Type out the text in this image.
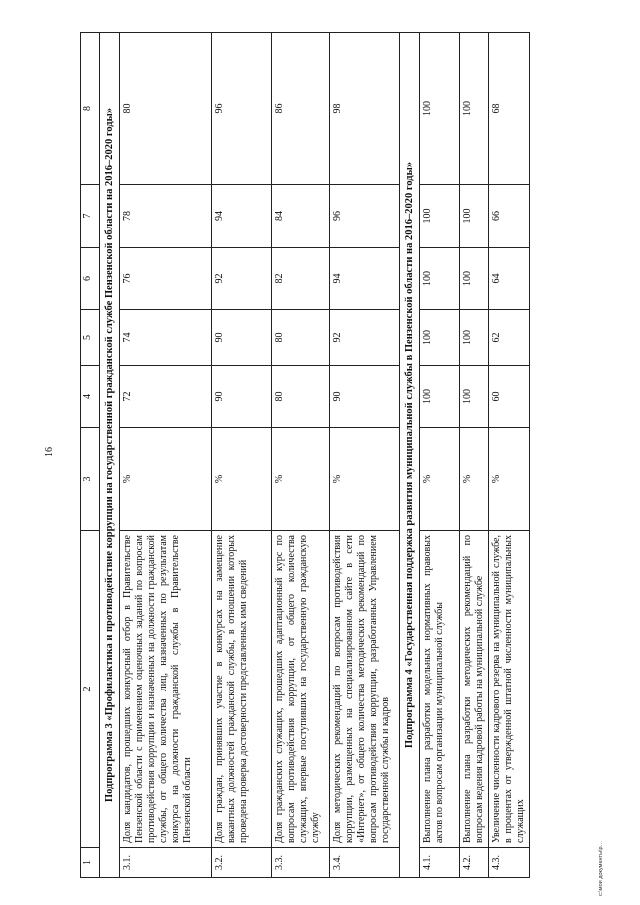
16
1	2	3	4	5	6	7	8
Подпрограмма 3 «Профилактика и противодействие коррупции на государственной гражданской службе Пензенской области на 2016–2020 годы»							
3.1.	Доля кандидатов, прошедших конкурсный отбор в Правительстве Пензенской области с применением оценочных заданий по вопросам противодействия коррупции и назначенных на должности гражданской службы, от общего количества лиц, назначенных по результатам конкурса на должности гражданской службы в Правительстве Пензенской области	%	72	74	76	78	80
3.2.	Доля граждан, принявших участие в конкурсах на замещение вакантных должностей гражданской службы, в отношении которых проведена проверка достоверности представленных ими сведений	%	90	90	92	94	96
3.3.	Доля гражданских служащих, прошедших адаптационный курс по вопросам противодействия коррупции, от общего количества служащих, впервые поступивших на государственную гражданскую службу	%	80	80	82	84	86
3.4.	Доля методических рекомендаций по вопросам противодействия коррупции, размещенных на специализированном сайте в сети «Интернет», от общего количества методических рекомендаций по вопросам противодействия коррупции, разработанных Управлением государственной службы и кадров	%	90	92	94	96	98
Подпрограмма 4 «Государственная поддержка развития муниципальной службы в Пензенской области на 2016–2020 годы»							
4.1.	Выполнение плана разработки модельных нормативных правовых актов по вопросам организации муниципальной службы	%	100	100	100	100	100
4.2.	Выполнение плана разработки методических рекомендаций по вопросам ведения кадровой работы на муниципальной службе	%	100	100	100	100	100
4.3.	Увеличение численности кадрового резерва на муниципальной службе, в процентах от утвержденной штатной численности муниципальных служащих	%	60	62	64	66	68
c:\мои документы\р…
